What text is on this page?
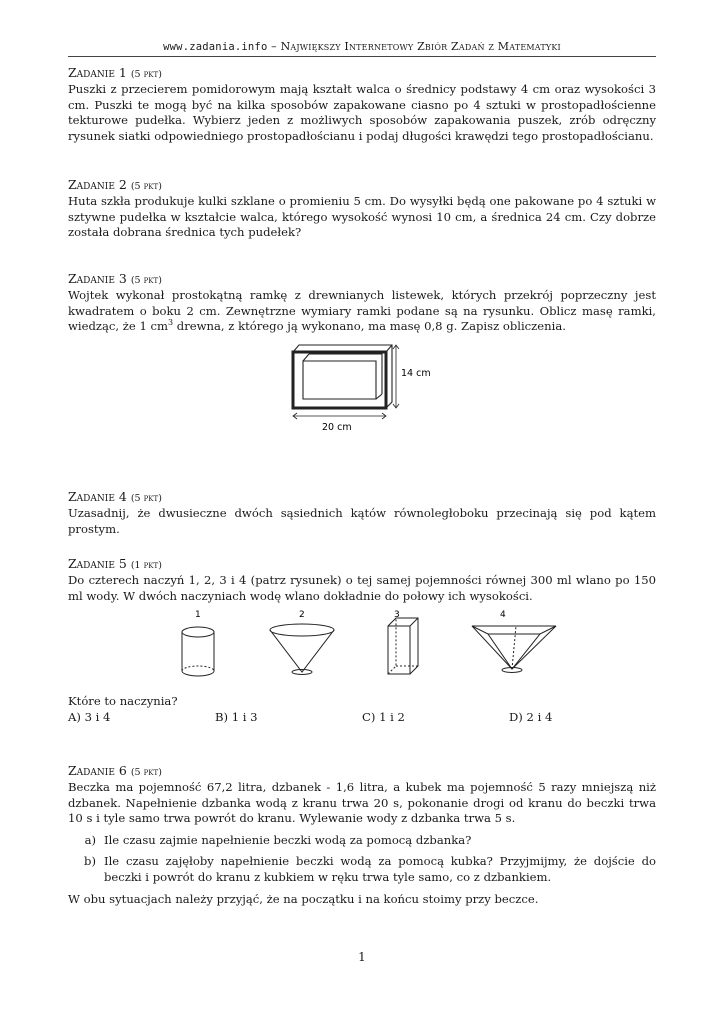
www.zadania.info – Największy Internetowy Zbiór Zadań z Matematyki
Zadanie 1 (5 pkt)
Puszki z przecierem pomidorowym mają kształt walca o średnicy podstawy 4 cm oraz wysokości 3 cm. Puszki te mogą być na kilka sposobów zapakowane ciasno po 4 sztuki w prostopadłościenne tekturowe pudełka. Wybierz jeden z możliwych sposobów zapakowania puszek, zrób odręczny rysunek siatki odpowiedniego prostopadłościanu i podaj długości krawędzi tego prostopadłościanu.
Zadanie 2 (5 pkt)
Huta szkła produkuje kulki szklane o promieniu 5 cm. Do wysyłki będą one pakowane po 4 sztuki w sztywne pudełka w kształcie walca, którego wysokość wynosi 10 cm, a średnica 24 cm. Czy dobrze została dobrana średnica tych pudełek?
Zadanie 3 (5 pkt)
Wojtek wykonał prostokątną ramkę z drewnianych listewek, których przekrój poprzeczny jest kwadratem o boku 2 cm. Zewnętrzne wymiary ramki podane są na rysunku. Oblicz masę ramki, wiedząc, że 1 $cm^3$ drewna, z którego ją wykonano, ma masę 0,8 g. Zapisz obliczenia.
14 cm
20 cm
Zadanie 4 (5 pkt)
Uzasadnij, że dwusieczne dwóch sąsiednich kątów równoległoboku przecinają się pod kątem prostym.
Zadanie 5 (1 pkt)
Do czterech naczyń 1, 2, 3 i 4 (patrz rysunek) o tej samej pojemności równej 300 ml wlano po 150 ml wody. W dwóch naczyniach wodę wlano dokładnie do połowy ich wysokości.
1	2	3	4
Które to naczynia?
A) 3 i 4	B) 1 i 3	C) 1 i 2	D) 2 i 4
Zadanie 6 (5 pkt)
Beczka ma pojemność 67,2 litra, dzbanek - 1,6 litra, a kubek ma pojemność 5 razy mniejszą niż dzbanek. Napełnienie dzbanka wodą z kranu trwa 20 s, pokonanie drogi od kranu do beczki trwa 10 s i tyle samo trwa powrót do kranu. Wylewanie wody z dzbanka trwa 5 s.
a) Ile czasu zajmie napełnienie beczki wodą za pomocą dzbanka?
b) Ile czasu zajęłoby napełnienie beczki wodą za pomocą kubka? Przyjmijmy, że dojście do beczki i powrót do kranu z kubkiem w ręku trwa tyle samo, co z dzbankiem.
W obu sytuacjach należy przyjąć, że na początku i na końcu stoimy przy beczce.
1
